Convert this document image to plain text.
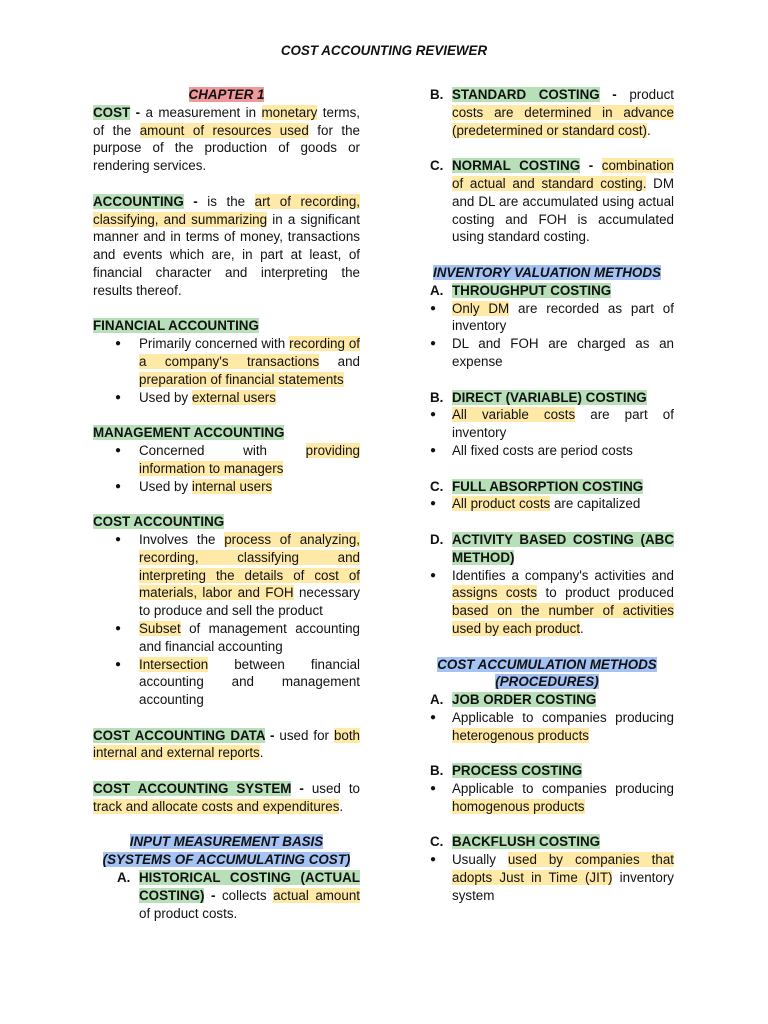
COST ACCOUNTING REVIEWER
CHAPTER 1
COST - a measurement in monetary terms, of the amount of resources used for the purpose of the production of goods or rendering services.
ACCOUNTING - is the art of recording, classifying, and summarizing in a significant manner and in terms of money, transactions and events which are, in part at least, of financial character and interpreting the results thereof.
FINANCIAL ACCOUNTING
● Primarily concerned with recording of a company's transactions and preparation of financial statements
● Used by external users
MANAGEMENT ACCOUNTING
● Concerned with providing information to managers
● Used by internal users
COST ACCOUNTING
● Involves the process of analyzing, recording, classifying and interpreting the details of cost of materials, labor and FOH necessary to produce and sell the product
● Subset of management accounting and financial accounting
● Intersection between financial accounting and management accounting
COST ACCOUNTING DATA - used for both internal and external reports.
COST ACCOUNTING SYSTEM - used to track and allocate costs and expenditures.
INPUT MEASUREMENT BASIS
(SYSTEMS OF ACCUMULATING COST)
A. HISTORICAL COSTING (ACTUAL COSTING) - collects actual amount of product costs.
B. STANDARD COSTING - product costs are determined in advance (predetermined or standard cost).
C. NORMAL COSTING - combination of actual and standard costing. DM and DL are accumulated using actual costing and FOH is accumulated using standard costing.
INVENTORY VALUATION METHODS
A. THROUGHPUT COSTING
● Only DM are recorded as part of inventory
● DL and FOH are charged as an expense
B. DIRECT (VARIABLE) COSTING
● All variable costs are part of inventory
● All fixed costs are period costs
C. FULL ABSORPTION COSTING
● All product costs are capitalized
D. ACTIVITY BASED COSTING (ABC METHOD)
● Identifies a company's activities and assigns costs to product produced based on the number of activities used by each product.
COST ACCUMULATION METHODS
(PROCEDURES)
A. JOB ORDER COSTING
● Applicable to companies producing heterogenous products
B. PROCESS COSTING
● Applicable to companies producing homogenous products
C. BACKFLUSH COSTING
● Usually used by companies that adopts Just in Time (JIT) inventory system
